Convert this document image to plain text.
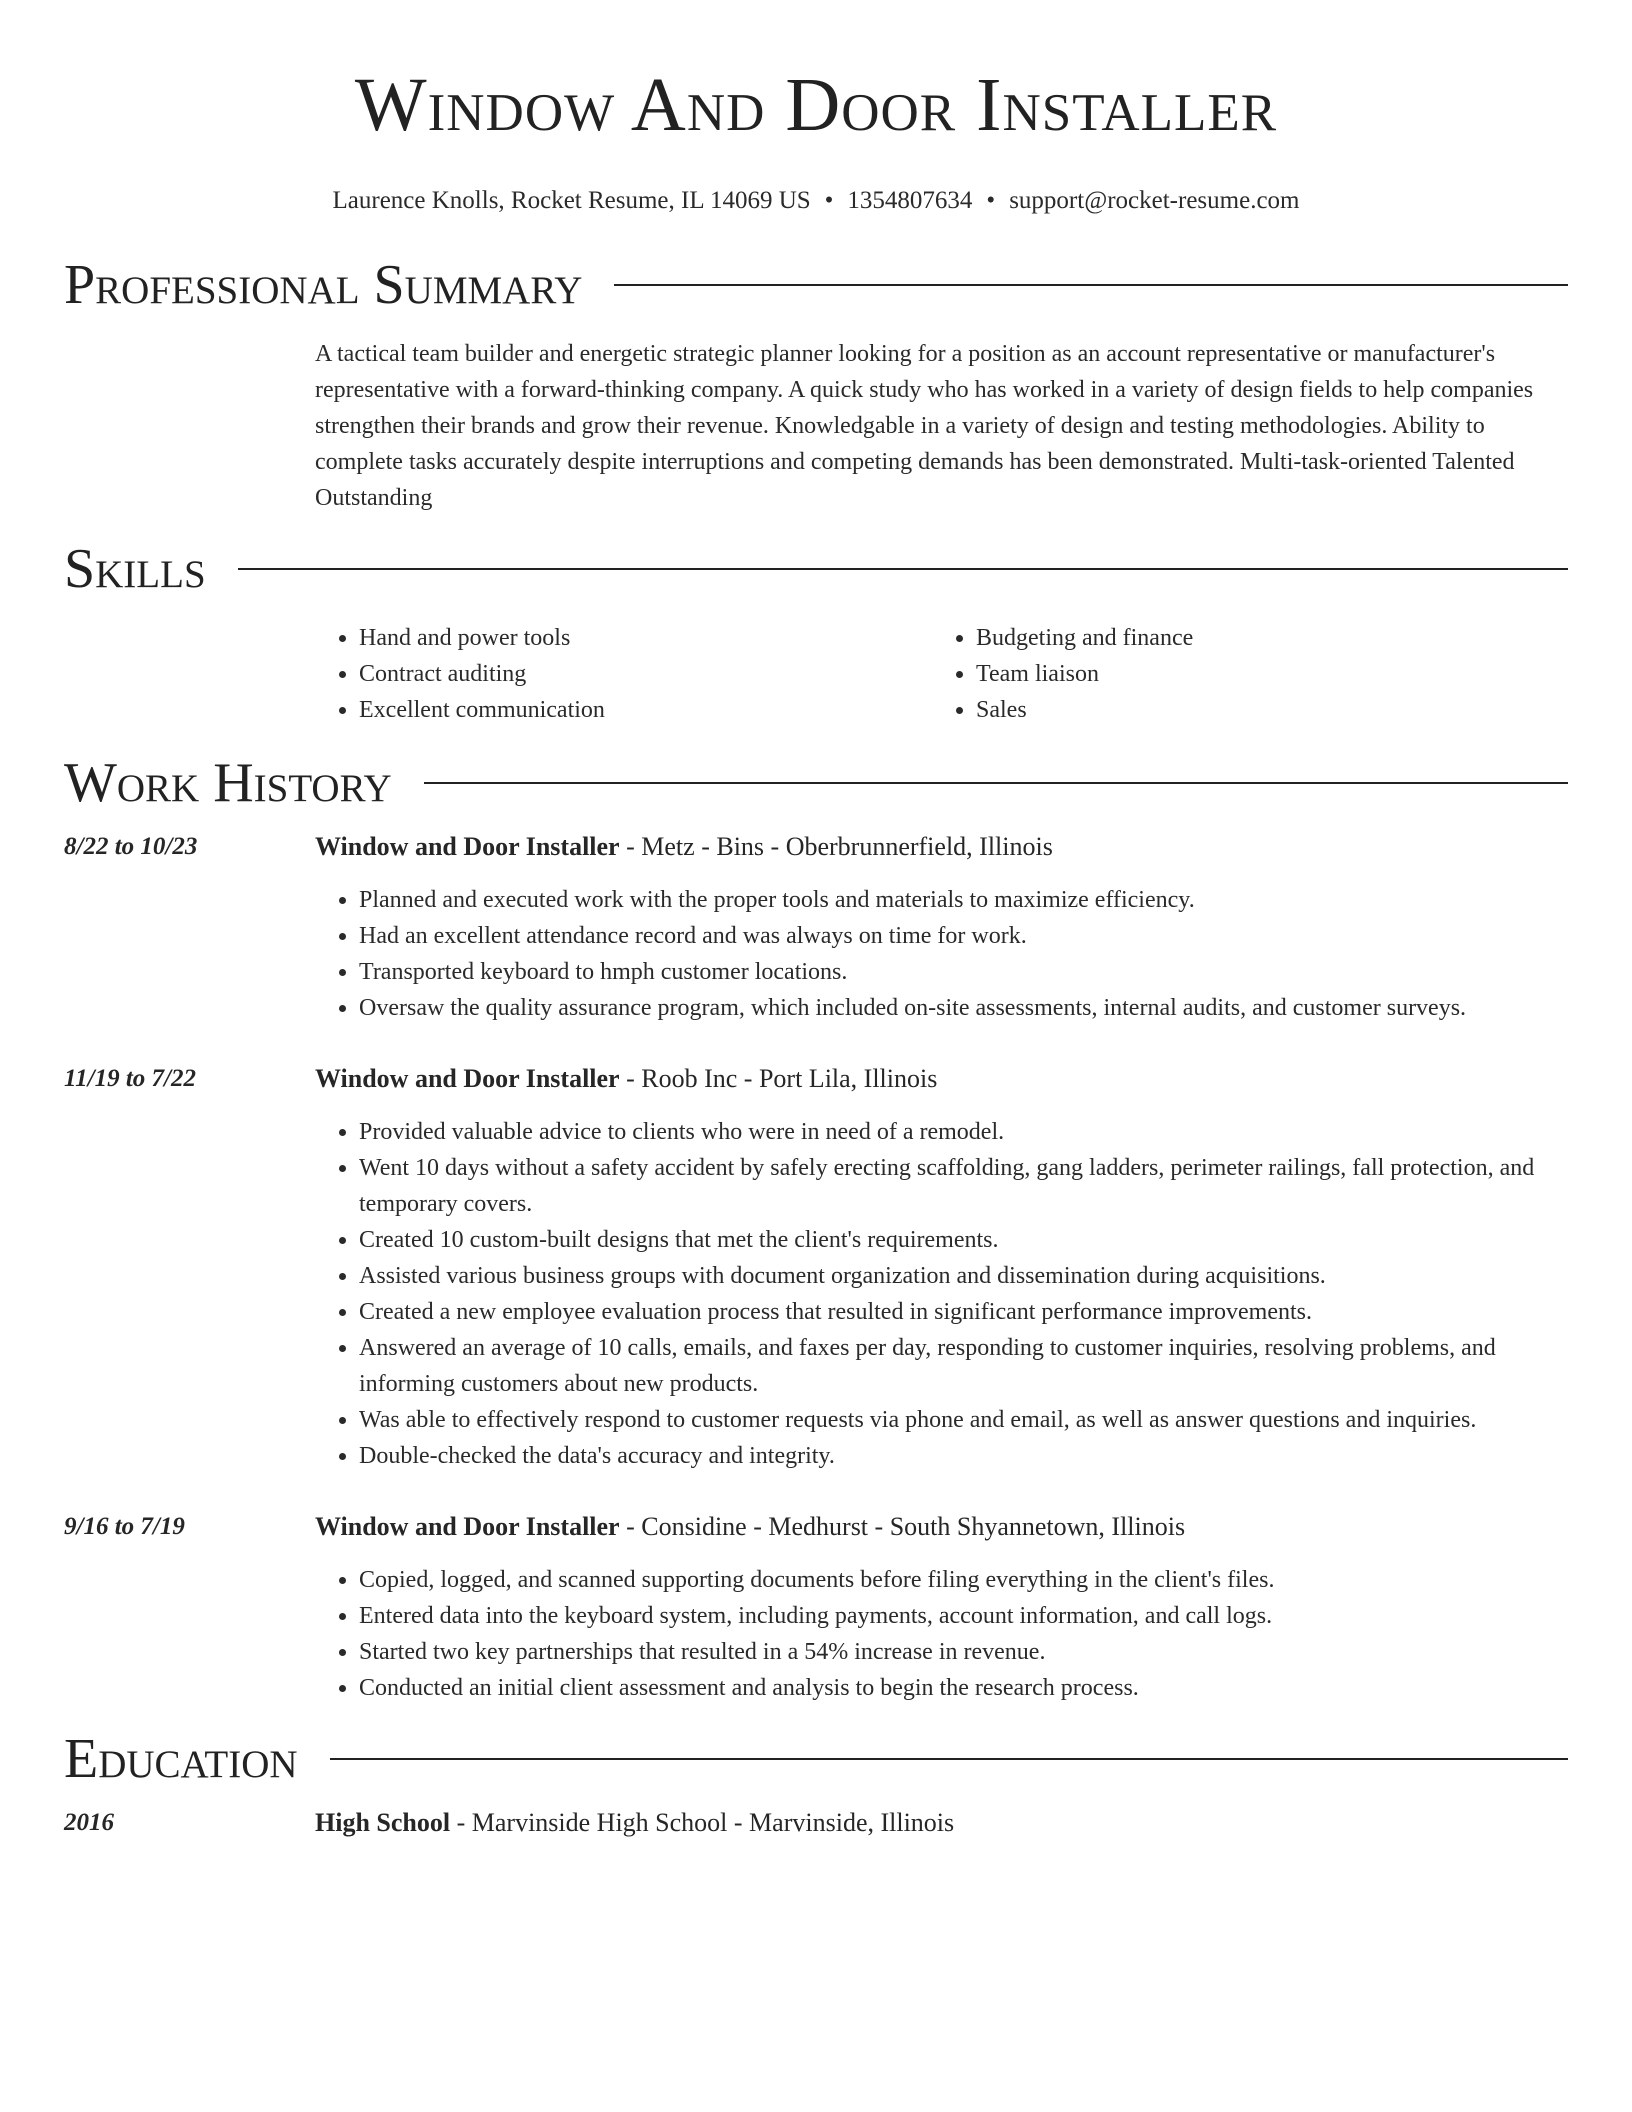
Window And Door Installer
Laurence Knolls, Rocket Resume, IL 14069 US • 1354807634 • support@rocket-resume.com
Professional Summary
A tactical team builder and energetic strategic planner looking for a position as an account representative or manufacturer's representative with a forward-thinking company. A quick study who has worked in a variety of design fields to help companies strengthen their brands and grow their revenue. Knowledgable in a variety of design and testing methodologies. Ability to complete tasks accurately despite interruptions and competing demands has been demonstrated. Multi-task-oriented Talented Outstanding
Skills
• Hand and power tools
• Contract auditing
• Excellent communication
• Budgeting and finance
• Team liaison
• Sales
Work History
8/22 to 10/23	Window and Door Installer - Metz - Bins - Oberbrunnerfield, Illinois
• Planned and executed work with the proper tools and materials to maximize efficiency.
• Had an excellent attendance record and was always on time for work.
• Transported keyboard to hmph customer locations.
• Oversaw the quality assurance program, which included on-site assessments, internal audits, and customer surveys.
11/19 to 7/22	Window and Door Installer - Roob Inc - Port Lila, Illinois
• Provided valuable advice to clients who were in need of a remodel.
• Went 10 days without a safety accident by safely erecting scaffolding, gang ladders, perimeter railings, fall protection, and temporary covers.
• Created 10 custom-built designs that met the client's requirements.
• Assisted various business groups with document organization and dissemination during acquisitions.
• Created a new employee evaluation process that resulted in significant performance improvements.
• Answered an average of 10 calls, emails, and faxes per day, responding to customer inquiries, resolving problems, and informing customers about new products.
• Was able to effectively respond to customer requests via phone and email, as well as answer questions and inquiries.
• Double-checked the data's accuracy and integrity.
9/16 to 7/19	Window and Door Installer - Considine - Medhurst - South Shyannetown, Illinois
• Copied, logged, and scanned supporting documents before filing everything in the client's files.
• Entered data into the keyboard system, including payments, account information, and call logs.
• Started two key partnerships that resulted in a 54% increase in revenue.
• Conducted an initial client assessment and analysis to begin the research process.
Education
2016	High School - Marvinside High School - Marvinside, Illinois
